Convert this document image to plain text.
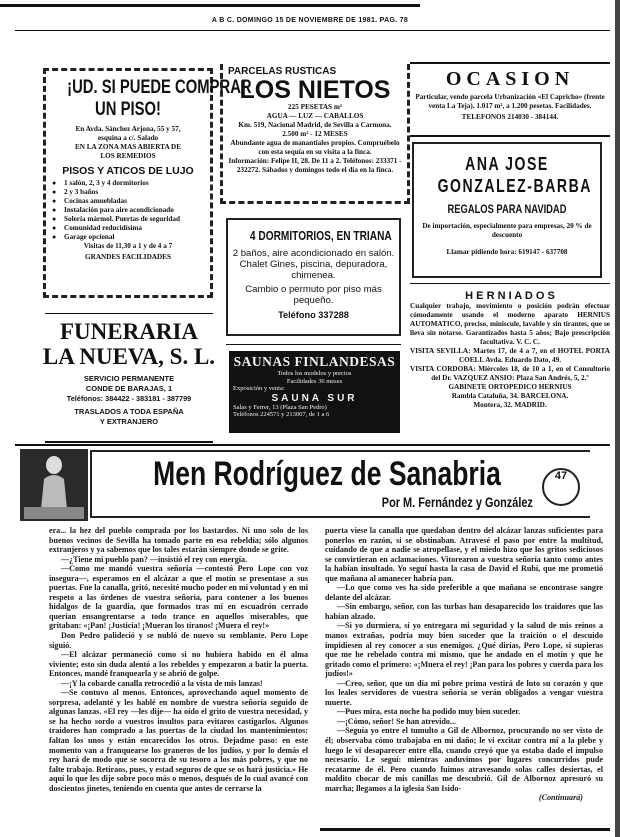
A B C. DOMINGO 15 DE NOVIEMBRE DE 1981. PAG. 78
¡UD. SI PUEDE COMPRAR
UN PISO!
En Avda. Sánchez Arjona, 55 y 57,
esquina a c/. Salado
EN LA ZONA MAS ABIERTA DE
LOS REMEDIOS
PISOS Y ATICOS DE LUJO
● 1 salón, 2, 3 y 4 dormitorios
● 2 y 3 baños
● Cocinas amuebladas
● Instalación para aire acondicionado
● Solería mármol. Puertas de seguridad
● Comunidad reducidísima
● Garage opcional
Visitas de 11,30 a 1 y de 4 a 7
GRANDES FACILIDADES
FUNERARIA
LA NUEVA, S. L.
SERVICIO PERMANENTE
CONDE DE BARAJAS, 1
Teléfonos: 384422 - 383181 - 387799
TRASLADOS A TODA ESPAÑA
Y EXTRANJERO
PARCELAS RUSTICAS
LOS NIETOS
225 PESETAS m²
AGUA — LUZ — CABALLOS
Km. 519, Nacional Madrid, de Sevilla a Carmona.
2.500 m² - 12 MESES
Abundante agua de manantiales propios. Compruébelo con esta sequía en su visita a la finca.
Información: Felipe II, 28. De 11 a 2. Teléfonos: 233371 - 232272. Sábados y domingos todo el día en la finca.
4 DORMITORIOS, EN TRIANA
2 baños, aire acondicionado en salón. Chalet Gines, piscina, depuradora, chimenea.
Cambio o permuto por piso más pequeño.
Teléfono 337288
SAUNAS FINLANDESAS
Todos los modelos y precios
Facilidades 36 meses
Exposición y venta:
SAUNA SUR
Salas y Ferrer, 13 (Plaza San Pedro)
Teléfonos 224571 y 213007, de 1 a 6
OCASION
Particular, vendo parcela Urbanización «El Capricho» (frente venta La Teja). 1.017 m², a 1.200 pesetas. Facilidades.
TELEFONOS 214030 - 384144.
ANA JOSE
GONZALEZ-BARBA
REGALOS PARA NAVIDAD
De importación, especialmente para empresas, 20 % de descuento
Llamar pidiendo hora: 619147 - 637708
H E R N I A D O S
Cualquier trabajo, movimiento o posición podrán efectuar cómodamente usando el moderno aparato HERNIUS AUTOMATICO, preciso, miniscule, lavable y sin tirantes, que se lleva sin notarse. Garantizados hasta 5 años; Bajo prescripción facultativa. V. C. C.
VISITA SEVILLA: Martes 17, de 4 a 7, en el HOTEL PORTA COELI. Avda. Eduardo Dato, 49.
VISITA CORDOBA: Miércoles 18, de 10 a 1, en el Consultorio del Dr. VAZQUEZ ANSIO: Plaza San Andrés, 5, 2.º
GABINETE ORTOPEDICO HERNIUS
Rambla Cataluña, 34. BARCELONA.
Montera, 32. MADRID.
Men Rodríguez de Sanabria
Por M. Fernández y González
47

era... la hez del pueblo comprada por los bastardos. Ni uno solo de los buenos vecinos de Sevilla ha tomado parte en esa rebeldía; sólo algunos extranjeros y ya sabemos que los tales estarán siempre donde se grite.

—¿Tiene mi pueblo pan? —insistió el rey con energía.

—Como me mandó vuestra señoría —contestó Pero Lope con voz insegura—, esperamos en el alcázar a que el motín se presentase a sus puertas. Fue la canalla, gritó, necesité mucho poder en mi voluntad y en mi respeto a las órdenes de vuestra señoría, para contener a los buenos hidalgos de la guardia, que formados tras mí en escuadrón cerrado querían ensangrentarse a todo trance en aquellos miserables, que gritaban: «¡Pan! ¡Justicia! ¡Mueran los tiranos! ¡Muera el rey!»

Don Pedro palideció y se nubló de nuevo su semblante. Pero Lope siguió.

—El alcázar permaneció como si no hubiera habido en él alma viviente; esto sin duda alentó a los rebeldes y empezaron a batir la puerta. Entonces, mandé franquearla y se abrió de golpe.

—¡Y la cobarde canalla retrocedió a la vista de mis lanzas!

—Se contuvo al menos. Entonces, aprovechando aquel momento de sorpresa, adelanté y les hablé en nombre de vuestra señoría seguido de algunas lanzas. «El rey —les dije— ha oído el grito de vuestra necesidad, y se ha hecho sordo a vuestros insultos para evitaros castigarlos. Algunos traidores han comprado a las puertas de la ciudad los mantenimientos: faltan los unos y están encarecidos los otros. Dejadme paso: en este momento van a franquearse los graneros de los judíos, y por lo demás el rey hará de modo que se socorra de su tesoro a los más pobres, y que no falte trabajo. Retiraos, pues, y estad seguros de que se os hará justicia.» He aquí lo que les dije sobre poco más o menos, después de lo cual avancé con doscientos jinetes, teniendo en cuenta que antes de cerrarse la

puerta viese la canalla que quedaban dentro del alcázar lanzas suficientes para ponerlos en razón, si se obstinaban. Atravesé el paso por entre la multitud, cuidando de que a nadie se atropellase, y el miedo hizo que los gritos sediciosos se convirtieran en aclamaciones. Vitorearon a vuestra señoría tanto como antes la habían insultado. Yo seguí hasta la casa de David el Rubí, que me prometió que mañana al amanecer habría pan.

—Lo que como ves ha sido preferible a que mañana se encontrase sangre delante del alcázar.

—Sin embargo, señor, con las turbas han desaparecido los traidores que las habían alzado.

—Si yo durmiera, si yo entregara mi seguridad y la salud de mis reinos a manos extrañas, podría muy bien suceder que la traición o el descuido impidiesen al rey conocer a sus enemigos. ¿Qué dirías, Pero Lope, si supieras que me he rebelado contra mí mismo, que he andado en el motín y que he gritado como el primero: «¡Muera el rey! ¡Pan para los pobres y cuerda para los judíos!»

—Creo, señor, que un día mi pobre prima vestirá de luto su corazón y que los leales servidores de vuestra señoría se verán obligados a vengar vuestra muerte.

—Pues mira, esta noche ha podido muy bien suceder.

—¡Cómo, señor! Se han atrevido...

—Seguía yo entre el tumulto a Gil de Albornoz, procurando no ser visto de él; observaba cómo trabajaba en mi daño; le vi excitar contra mí a la plebe y luego le vi desaparecer entre ella, cuando creyó que ya estaba dado el impulso necesario. Le seguí: mientras anduvimos por lugares concurridos pude recatarme de él. Pero cuando fuimos atravesando solas calles desiertas, el maldito chocar de mis canillas me descubrió. Gil de Albornoz apresuró su marcha; llegamos a la iglesia San Isido-

(Continuará)
